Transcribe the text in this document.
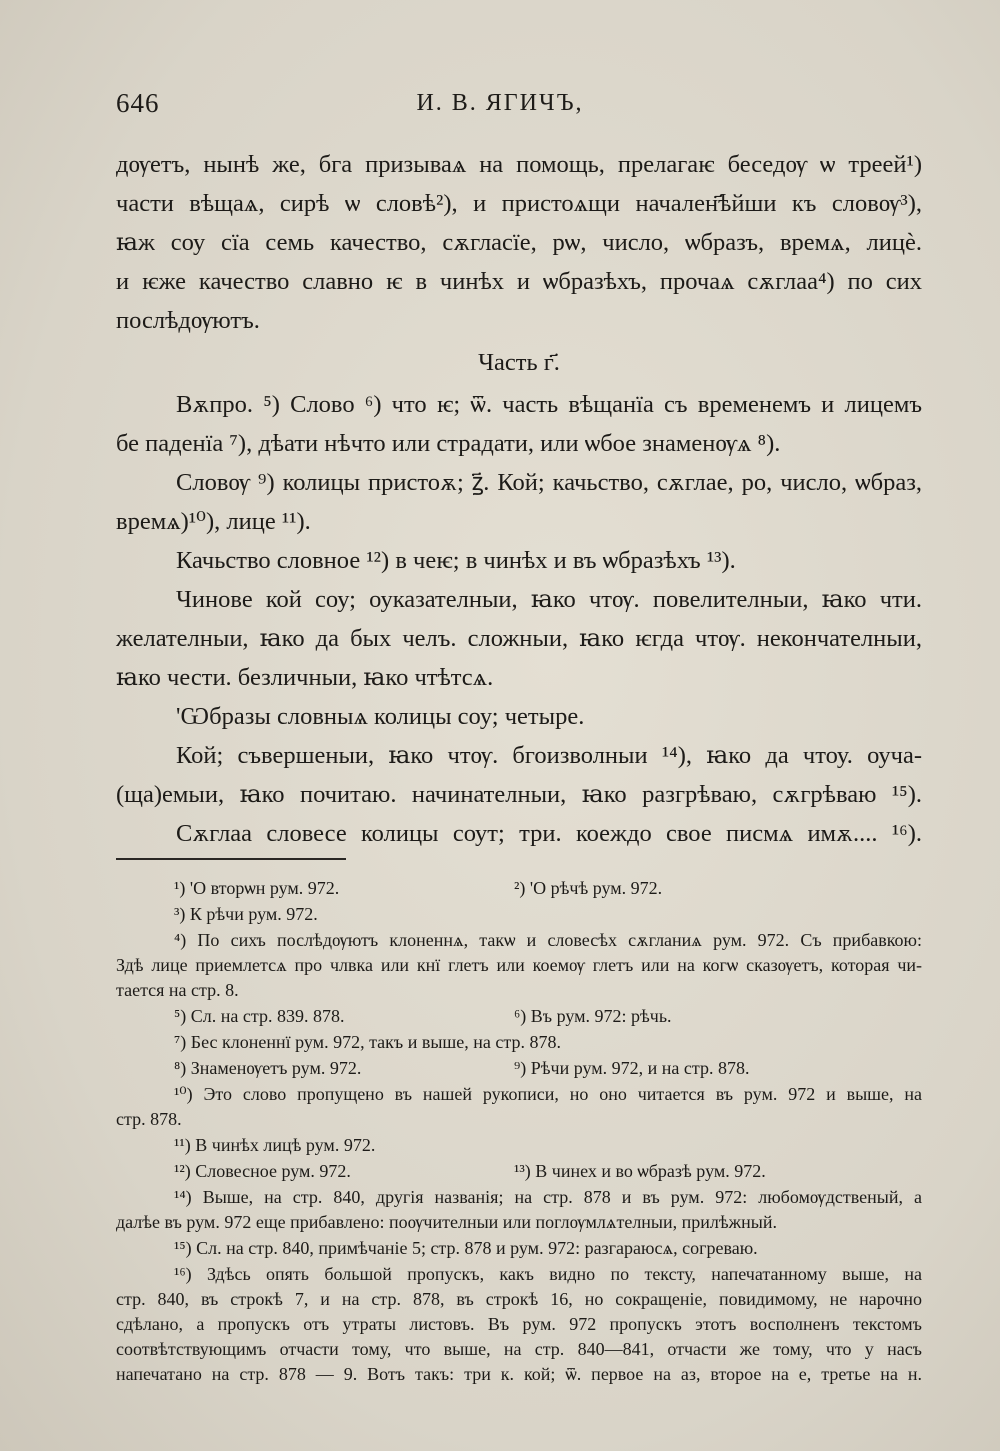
646	И. В. ЯГИЧЪ,
дѹетъ, нынѣ же, бга призываѧ на помощь, прелагаѥ беседѹ ѡ треей¹)
части вѣщаѧ, сирѣ ѡ словѣ²), и пристоѧщи начален҃ѣйши къ словѹ³),
ꙗж соу сїа семь качество, сѫгласїе, рѡ, число, ѡбразъ, времѧ, лицѐ.
и ѥже качество славно ѥ в чинѣх и ѡбразѣхъ, прочаѧ сѫглаа⁴) по сих
послѣдѹютъ.
Часть г҃.
Вѫпро. ⁵) Слово ⁶) что ѥ; ѿ. часть вѣщанїа съ временемъ и лицемъ
бе паденїа ⁷), дѣати нѣчто или страдати, или ѡбое знаменѹѧ ⁸).
Словѹ ⁹) колицы пристоѫ; ꙁ҃. Кой; качьство, сѫглае, ро, число, ѡбраз,
времѧ)¹⁰), лице ¹¹).
Качьство словное ¹²) в чеѥ; в чинѣх и въ ѡбразѣхъ ¹³).
Чинове кой соу; оуказателныи, ꙗко чтѹ. повелителныи, ꙗко чти.
желателныи, ꙗко да бых челъ. сложныи, ꙗко ѥгда чтѹ. некончателныи,
ꙗко чести. безличныи, ꙗко чтѣтсѧ.
'Ѡбразы словныѧ колицы соу; четыре.
Кой; съвершеныи, ꙗко чтѹ. бгоизволныи ¹⁴), ꙗко да чтоу. оуча-
(ща)емыи, ꙗко почитаю. начинателныи, ꙗко разгрѣваю, сѫгрѣваю ¹⁵).
Сѫглаа словесе колицы соут; три. коеждо свое писмѧ имѫ.... ¹⁶).
¹) 'О вторѡн рум. 972.	²) 'О рѣчѣ рум. 972.
³) К рѣчи рум. 972.
⁴) По сихъ послѣдѹютъ клоненнѧ, такѡ и словесѣх сѫгланиѧ рум. 972. Съ прибавкою:
Здѣ лице приемлетсѧ про члвка или кнї глетъ или коемѹ глетъ или на когѡ сказѹетъ, которая чи-
тается на стр. 8.
⁵) Сл. на стр. 839. 878.	⁶) Въ рум. 972: рѣчь.
⁷) Бес клоненнї рум. 972, такъ и выше, на стр. 878.
⁸) Знаменѹетъ рум. 972.	⁹) Рѣчи рум. 972, и на стр. 878.
¹⁰) Это слово пропущено въ нашей рукописи, но оно читается въ рум. 972 и выше, на
стр. 878.
¹¹) В чинѣх лицѣ рум. 972.
¹²) Словесное рум. 972.	¹³) В чинех и во ѡбразѣ рум. 972.
¹⁴) Выше, на стр. 840, другія названія; на стр. 878 и въ рум. 972: любомѹдственый, а
далѣе въ рум. 972 еще прибавлено: поѹчителныи или поглѹмлѧтелныи, прилѣжный.
¹⁵) Сл. на стр. 840, примѣчаніе 5; стр. 878 и рум. 972: разгараюсѧ, согреваю.
¹⁶) Здѣсь опять большой пропускъ, какъ видно по тексту, напечатанному выше, на
стр. 840, въ строкѣ 7, и на стр. 878, въ строкѣ 16, но сокращеніе, повидимому, не нарочно
сдѣлано, а пропускъ отъ утраты листовъ. Въ рум. 972 пропускъ этотъ восполненъ текстомъ
соотвѣтствующимъ отчасти тому, что выше, на стр. 840—841, отчасти же тому, что у насъ
напечатано на стр. 878 — 9. Вотъ такъ: три к. кой; ѿ. первое на аз, второе на е, третье на н.
